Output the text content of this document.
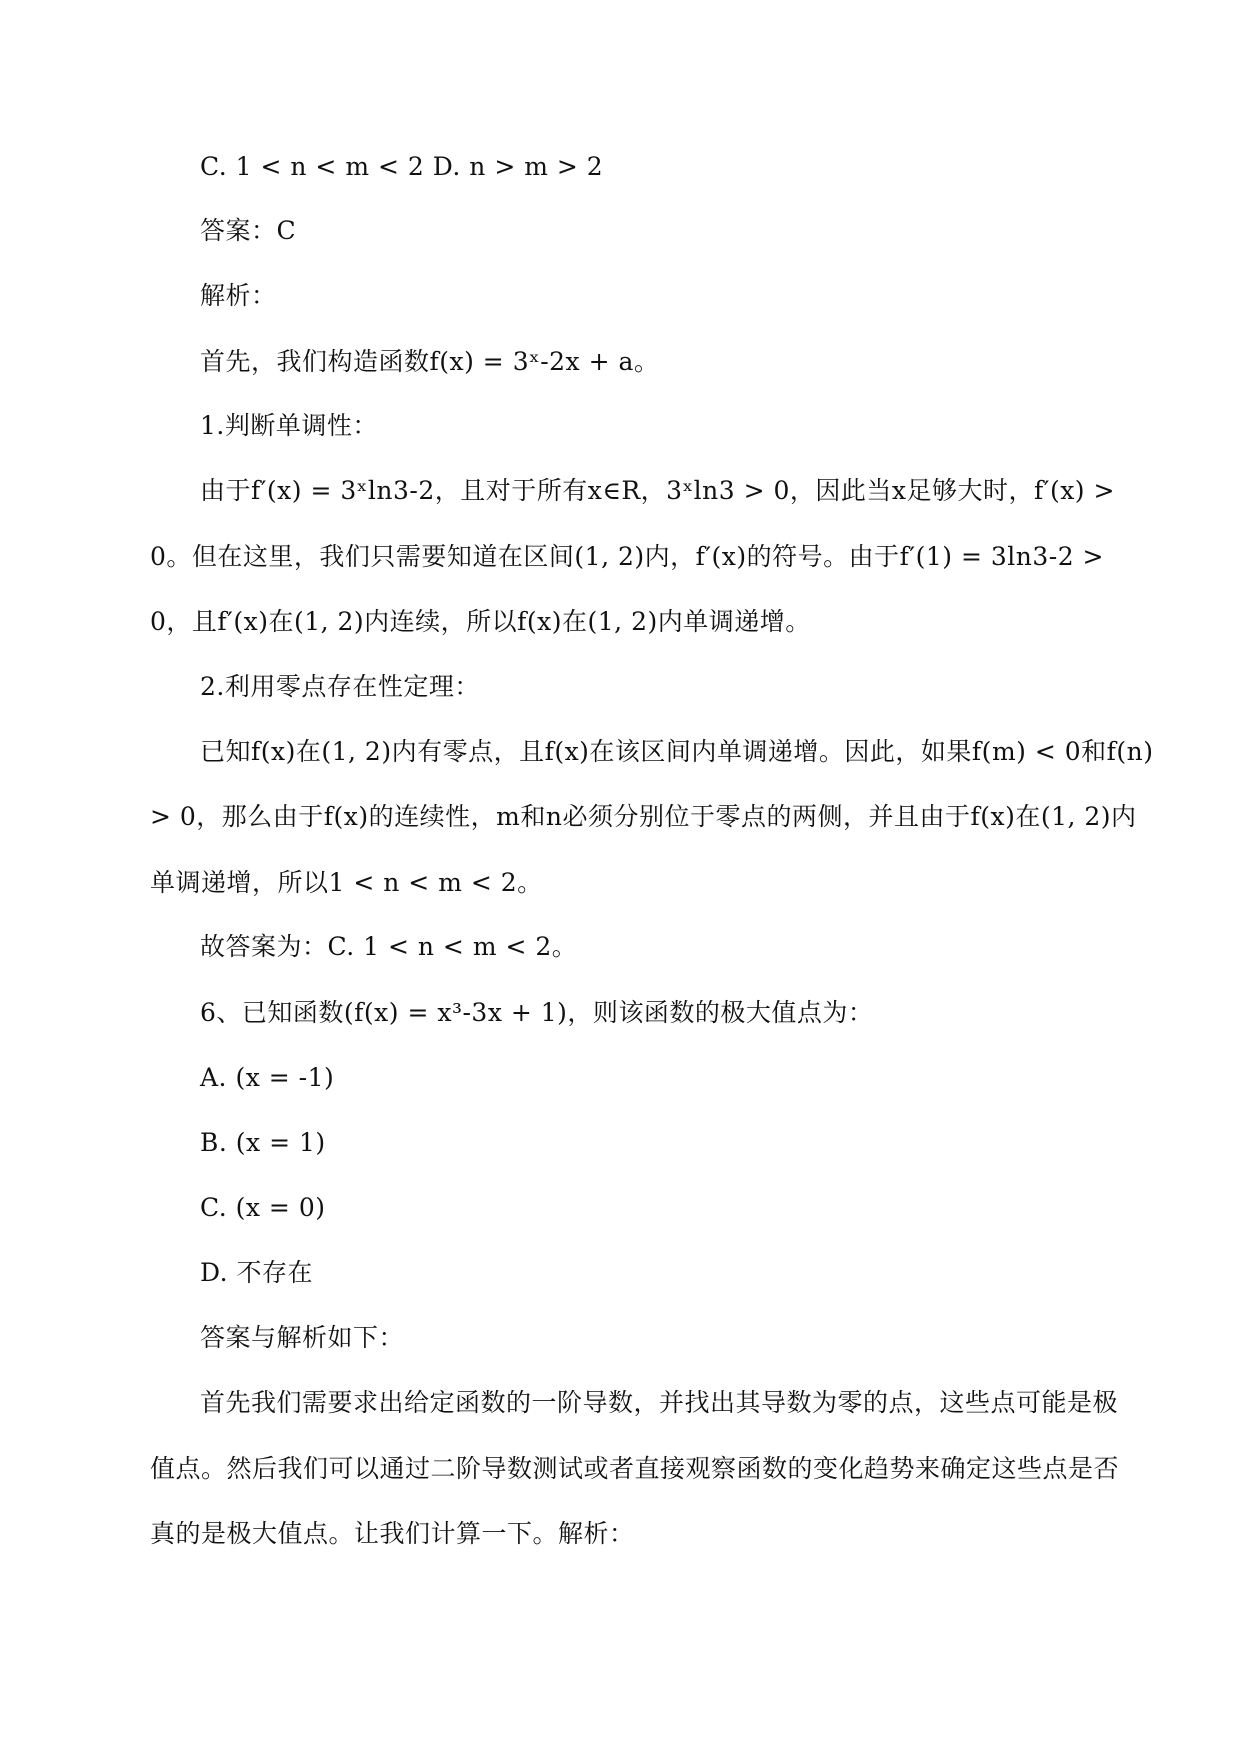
C. 1 < n < m < 2 D. n > m > 2
答案：C
解析：
首先，我们构造函数f(x) = 3ˣ-2x + a。
1.判断单调性：
由于f′(x) = 3ˣln3-2，且对于所有x∈R，3ˣln3 > 0，因此当x足够大时，f′(x) >
0。但在这里，我们只需要知道在区间(1, 2)内，f′(x)的符号。由于f′(1) = 3ln3-2 >
0，且f′(x)在(1, 2)内连续，所以f(x)在(1, 2)内单调递增。
2.利用零点存在性定理：
已知f(x)在(1, 2)内有零点，且f(x)在该区间内单调递增。因此，如果f(m) < 0和f(n)
> 0，那么由于f(x)的连续性，m和n必须分别位于零点的两侧，并且由于f(x)在(1, 2)内
单调递增，所以1 < n < m < 2。
故答案为：C. 1 < n < m < 2。
6、已知函数(f(x) = x³-3x + 1)，则该函数的极大值点为：
A. (x = -1)
B. (x = 1)
C. (x = 0)
D. 不存在
答案与解析如下：
首先我们需要求出给定函数的一阶导数，并找出其导数为零的点，这些点可能是极
值点。然后我们可以通过二阶导数测试或者直接观察函数的变化趋势来确定这些点是否
真的是极大值点。让我们计算一下。解析：
